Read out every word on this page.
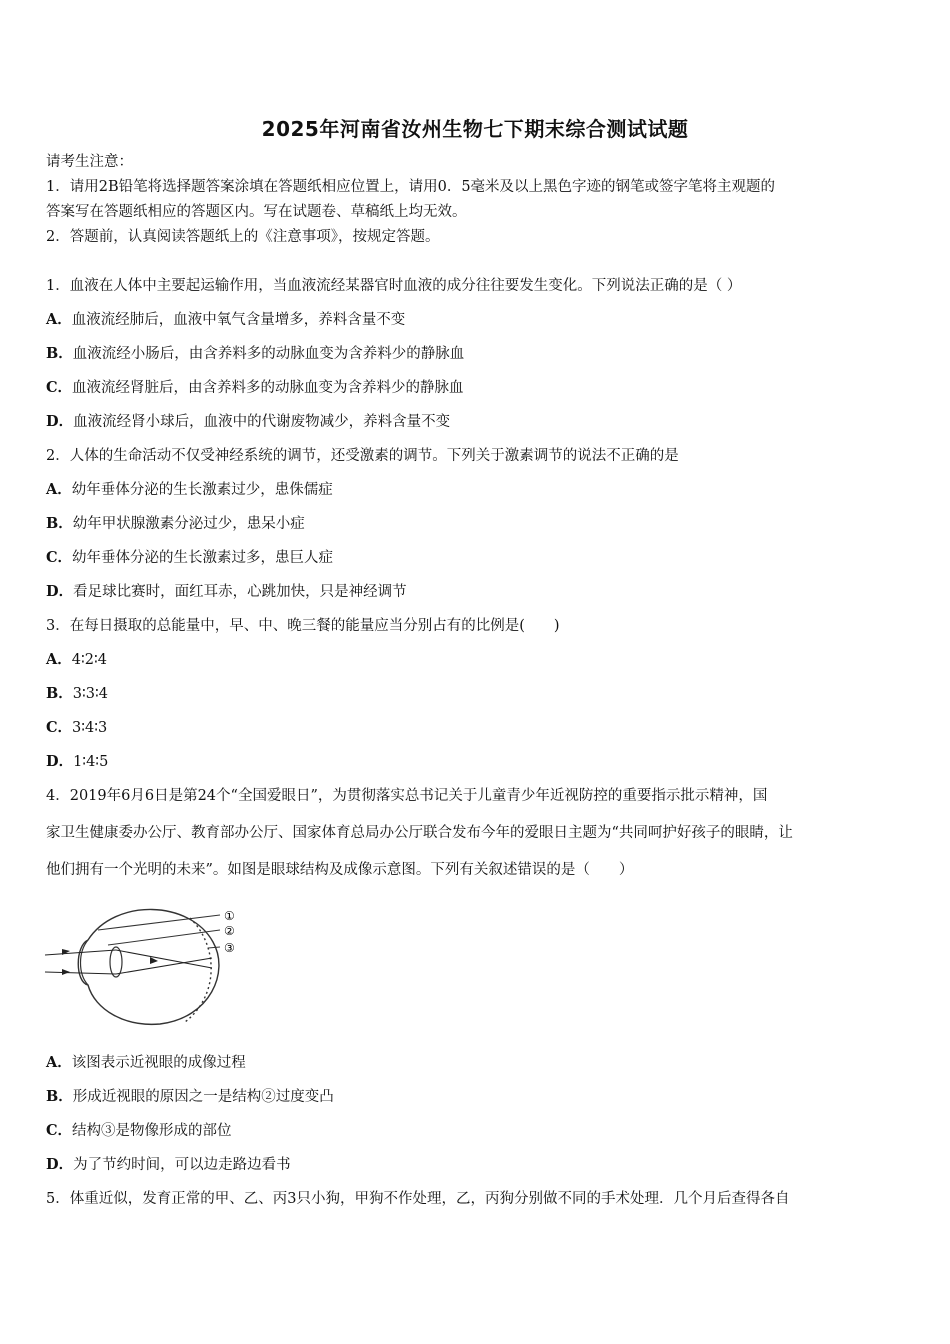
2025年河南省汝州生物七下期末综合测试试题
请考生注意：
1．请用2B铅笔将选择题答案涂填在答题纸相应位置上，请用0．5毫米及以上黑色字迹的钢笔或签字笔将主观题的
答案写在答题纸相应的答题区内。写在试题卷、草稿纸上均无效。
2．答题前，认真阅读答题纸上的《注意事项》，按规定答题。
1．血液在人体中主要起运输作用，当血液流经某器官时血液的成分往往要发生变化。下列说法正确的是（ ）
A．血液流经肺后，血液中氧气含量增多，养料含量不变
B．血液流经小肠后，由含养料多的动脉血变为含养料少的静脉血
C．血液流经肾脏后，由含养料多的动脉血变为含养料少的静脉血
D．血液流经肾小球后，血液中的代谢废物减少，养料含量不变
2．人体的生命活动不仅受神经系统的调节，还受激素的调节。下列关于激素调节的说法不正确的是
A．幼年垂体分泌的生长激素过少，患侏儒症
B．幼年甲状腺激素分泌过少，患呆小症
C．幼年垂体分泌的生长激素过多，患巨人症
D．看足球比赛时，面红耳赤，心跳加快，只是神经调节
3．在每日摄取的总能量中，早、中、晚三餐的能量应当分别占有的比例是(　　)
A．4∶2∶4
B．3∶3∶4
C．3∶4∶3
D．1∶4∶5
4．2019年6月6日是第24个“全国爱眼日”，为贯彻落实总书记关于儿童青少年近视防控的重要指示批示精神，国
家卫生健康委办公厅、教育部办公厅、国家体育总局办公厅联合发布今年的爱眼日主题为“共同呵护好孩子的眼睛，让
他们拥有一个光明的未来”。如图是眼球结构及成像示意图。下列有关叙述错误的是（　　）
①
②
③
A．该图表示近视眼的成像过程
B．形成近视眼的原因之一是结构②过度变凸
C．结构③是物像形成的部位
D．为了节约时间，可以边走路边看书
5．体重近似，发育正常的甲、乙、丙3只小狗，甲狗不作处理，乙，丙狗分别做不同的手术处理．几个月后查得各自
